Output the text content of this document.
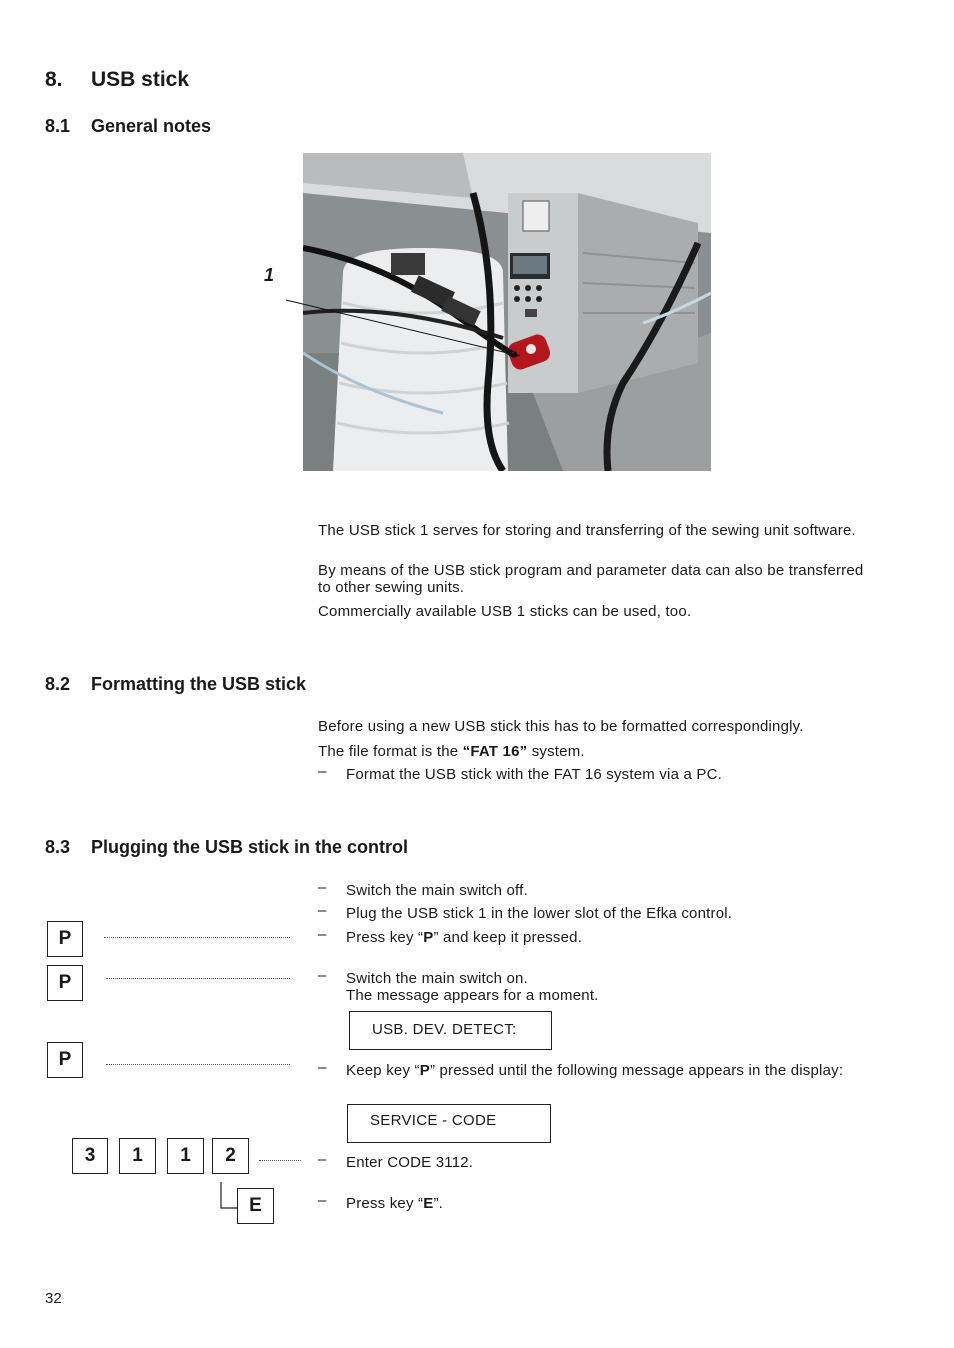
8. USB stick
8.1 General notes
1
The USB stick 1 serves for storing and transferring of the sewing unit software.
By means of the USB stick program and parameter data can also be transferred to other sewing units.
Commercially available USB 1 sticks can be used, too.
8.2 Formatting the USB stick
Before using a new USB stick this has to be formatted correspondingly.
The file format is the “FAT 16” system.
– Format the USB stick with the FAT 16 system via a PC.
8.3 Plugging the USB stick in the control
– Switch the main switch off.
– Plug the USB stick 1 in the lower slot of the Efka control.
– Press key “P” and keep it pressed.
– Switch the main switch on.
The message appears for a moment.
USB. DEV. DETECT:
– Keep key “P” pressed until the following message appears in the display:
SERVICE - CODE
– Enter CODE 3112.
– Press key “E”.
P
P
P
3	1	1	2
E
32
